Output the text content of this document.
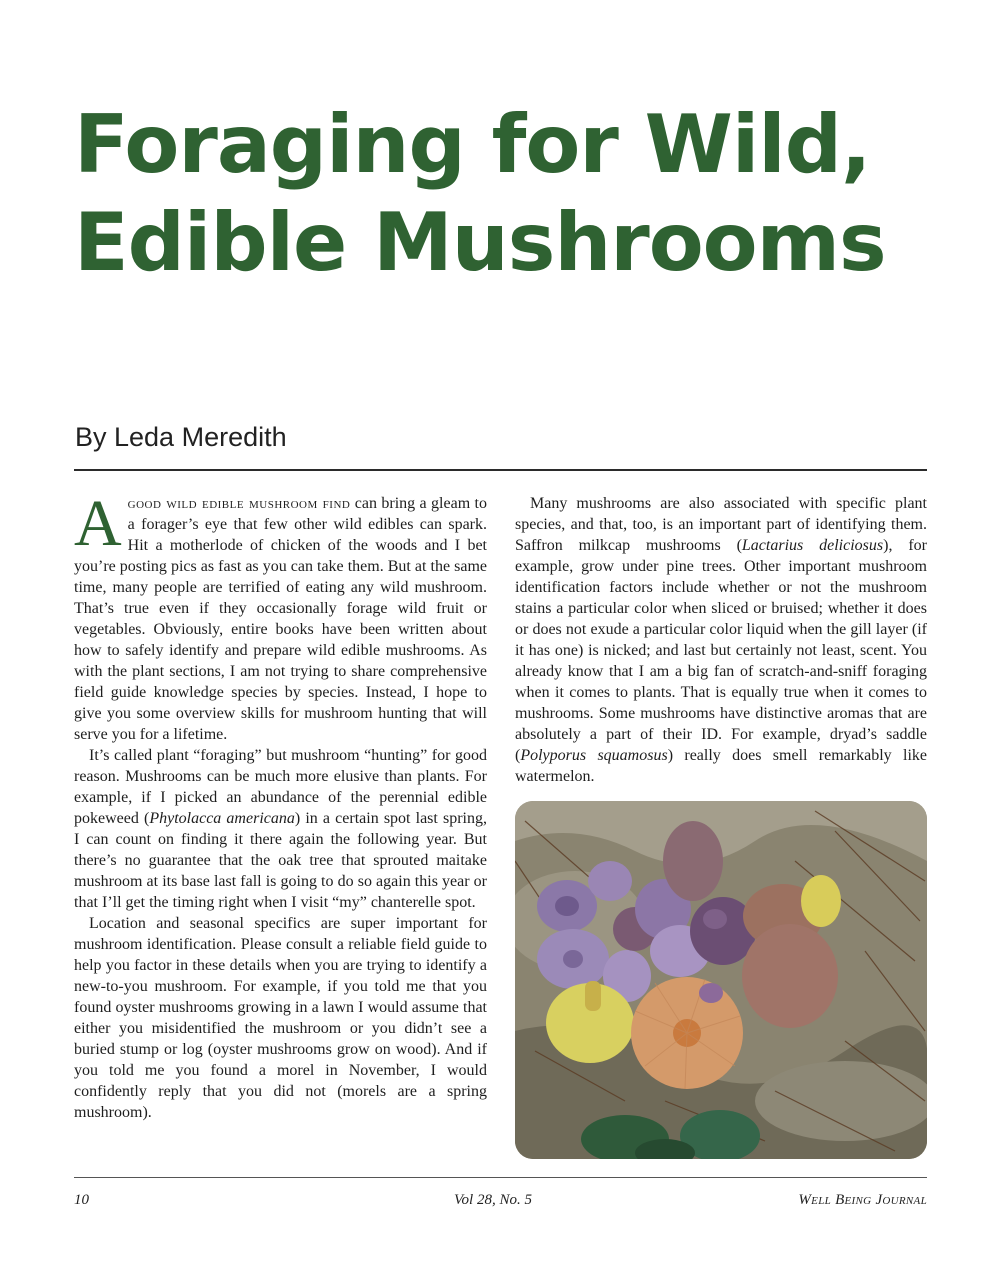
Foraging for Wild,
Edible Mushrooms
By Leda Meredith

Agood wild edible mushroom find can bring a gleam to a forager’s eye that few other wild edibles can spark. Hit a motherlode of chicken of the woods and I bet you’re posting pics as fast as you can take them. But at the same time, many people are terrified of eating any wild mushroom. That’s true even if they occasionally forage wild fruit or vegetables. Obviously, entire books have been written about how to safely identify and prepare wild edible mushrooms. As with the plant sections, I am not trying to share comprehensive field guide knowledge species by species. Instead, I hope to give you some overview skills for mushroom hunting that will serve you for a lifetime.

It’s called plant “foraging” but mushroom “hunting” for good reason. Mushrooms can be much more elusive than plants. For example, if I picked an abundance of the perennial edible pokeweed (Phytolacca americana) in a certain spot last spring, I can count on finding it there again the following year. But there’s no guarantee that the oak tree that sprouted maitake mushroom at its base last fall is going to do so again this year or that I’ll get the timing right when I visit “my” chanterelle spot.

Location and seasonal specifics are super important for mushroom identification. Please consult a reliable field guide to help you factor in these details when you are trying to identify a new-to-you mushroom. For example, if you told me that you found oyster mushrooms growing in a lawn I would assume that either you misidentified the mushroom or you didn’t see a buried stump or log (oyster mushrooms grow on wood). And if you told me you found a morel in November, I would confidently reply that you did not (morels are a spring mushroom).

Many mushrooms are also associated with specific plant species, and that, too, is an important part of identifying them. Saffron milkcap mushrooms (Lactarius deliciosus), for example, grow under pine trees. Other important mushroom identification factors include whether or not the mushroom stains a particular color when sliced or bruised; whether it does or does not exude a particular color liquid when the gill layer (if it has one) is nicked; and last but certainly not least, scent. You already know that I am a big fan of scratch-and-sniff foraging when it comes to plants. That is equally true when it comes to mushrooms. Some mushrooms have distinctive aromas that are absolutely a part of their ID. For example, dryad’s saddle (Polyporus squamosus) really does smell remarkably like watermelon.

10	Vol 28, No. 5	Well Being Journal
